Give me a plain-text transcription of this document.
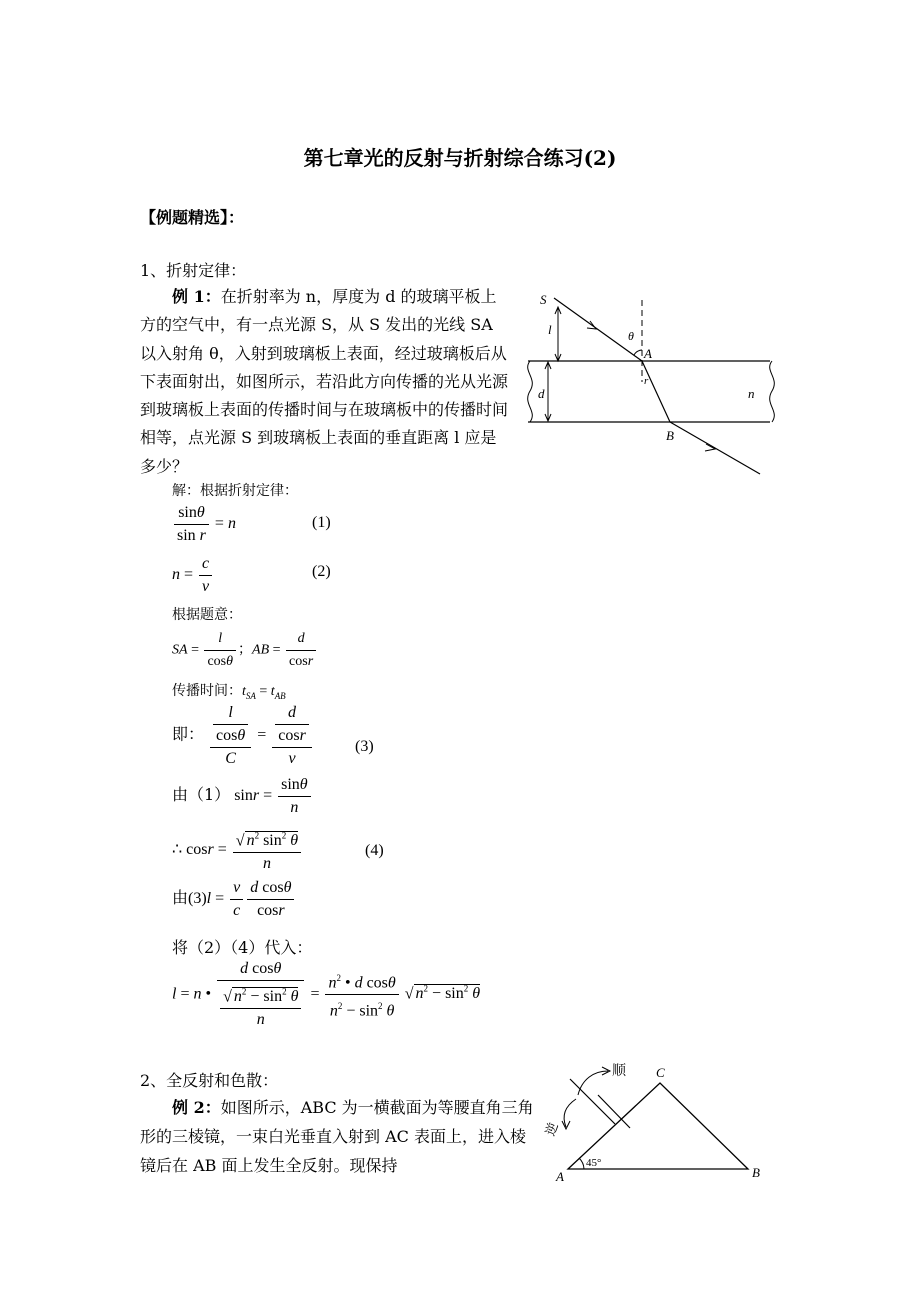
第七章光的反射与折射综合练习(2)
【例题精选】：
1、折射定律：
例 1：在折射率为 n，厚度为 d 的玻璃平板上方的空气中，有一点光源 S，从 S 发出的光线 SA 以入射角 θ，入射到玻璃板上表面，经过玻璃板后从下表面射出，如图所示，若沿此方向传播的光从光源到玻璃板上表面的传播时间与在玻璃板中的传播时间相等，点光源 S 到玻璃板上表面的垂直距离 l 应是多少？
S
θ
A
r
l
d	n
B
解：根据折射定律：
$\frac{\sin\theta}{\text{sin r}} = n$	(1)
$n = \frac{c}{v}$	(2)
根据题意：
SA = $\frac{l}{\cos\theta}$ ；AB = $\frac{d}{\cos r}$
传播时间：$t_{SA} = t_{AB}$
即： $\frac{\frac{l}{\cos\theta}}{C} = \frac{\frac{d}{\cos r}}{v}$	(3)
由（1） $\sin r = \frac{\sin\theta}{n}$
∴ $\cos r = \frac{√ n^2 \sin^2 \theta}{n}$	(4)
由$(3)l = \frac{v}{c} \frac{\text{d cosθ}}{\cos r}$
将（2）（4）代入：
l = n • $\frac{\text{d cosθ}}{\frac{√ n^2 - \sin^2 \theta}{n}} = \frac{n^2 • d \cos\theta}{n^2 - \sin^2 \theta}$ √ $n^2 - \sin^2 \theta$
2、全反射和色散：
例 2：如图所示，ABC 为一横截面为等腰直角三角形的三棱镜，一束白光垂直入射到 AC 表面上，进入棱镜后在 AB 面上发生全反射。现保持
顺
逆
C
A	B
45°
